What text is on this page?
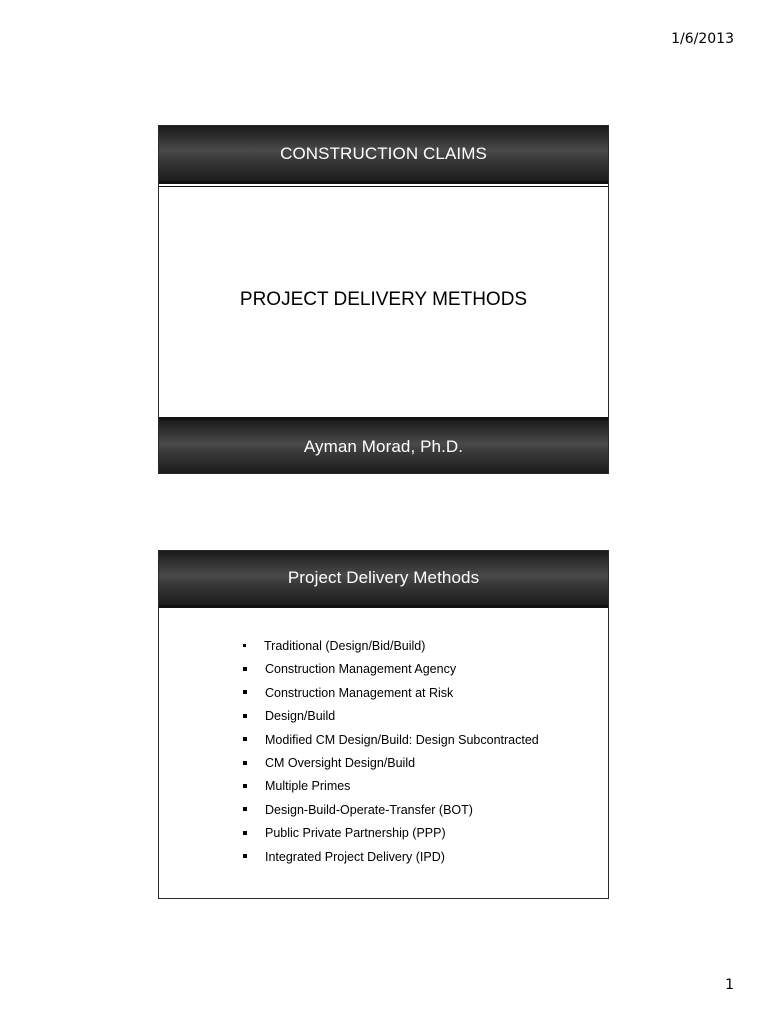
1/6/2013
CONSTRUCTION CLAIMS
PROJECT DELIVERY METHODS
Ayman Morad, Ph.D.
Project Delivery Methods
Traditional (Design/Bid/Build)
Construction Management Agency
Construction Management at Risk
Design/Build
Modified CM Design/Build: Design Subcontracted
CM Oversight Design/Build
Multiple Primes
Design-Build-Operate-Transfer (BOT)
Public Private Partnership (PPP)
Integrated Project Delivery (IPD)
1
